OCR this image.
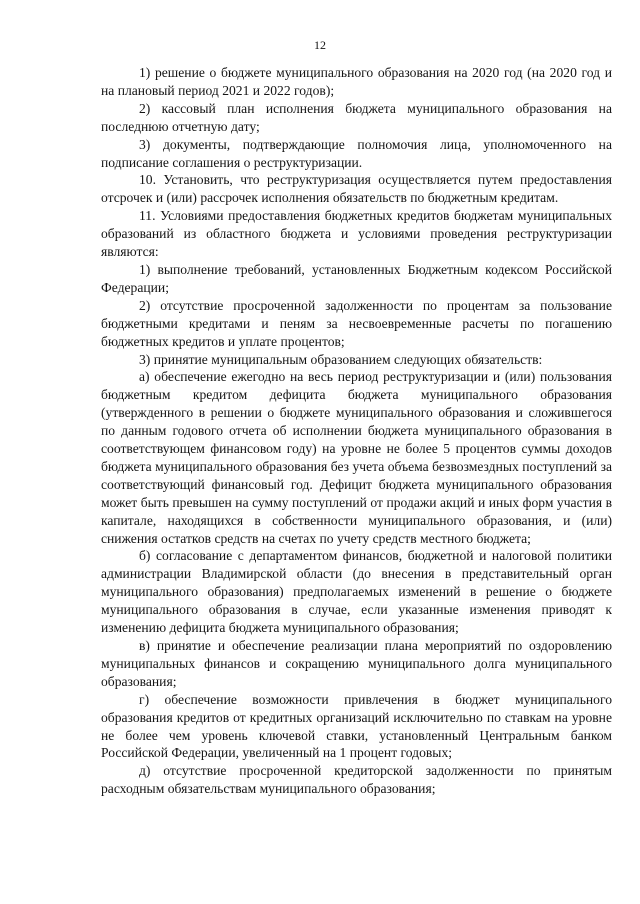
12

1) решение о бюджете муниципального образования на 2020 год (на 2020 год и на плановый период 2021 и 2022 годов);

2) кассовый план исполнения бюджета муниципального образования на последнюю отчетную дату;

3) документы, подтверждающие полномочия лица, уполномоченного на подписание соглашения о реструктуризации.

10. Установить, что реструктуризация осуществляется путем предоставления отсрочек и (или) рассрочек исполнения обязательств по бюджетным кредитам.

11. Условиями предоставления бюджетных кредитов бюджетам муниципальных образований из областного бюджета и условиями проведения реструктуризации являются:

1) выполнение требований, установленных Бюджетным кодексом Российской Федерации;

2) отсутствие просроченной задолженности по процентам за пользование бюджетными кредитами и пеням за несвоевременные расчеты по погашению бюджетных кредитов и уплате процентов;

3) принятие муниципальным образованием следующих обязательств:

а) обеспечение ежегодно на весь период реструктуризации и (или) пользования бюджетным кредитом дефицита бюджета муниципального образования (утвержденного в решении о бюджете муниципального образования и сложившегося по данным годового отчета об исполнении бюджета муниципального образования в соответствующем финансовом году) на уровне не более 5 процентов суммы доходов бюджета муниципального образования без учета объема безвозмездных поступлений за соответствующий финансовый год. Дефицит бюджета муниципального образования может быть превышен на сумму поступлений от продажи акций и иных форм участия в капитале, находящихся в собственности муниципального образования, и (или) снижения остатков средств на счетах по учету средств местного бюджета;

б) согласование с департаментом финансов, бюджетной и налоговой политики администрации Владимирской области (до внесения в представительный орган муниципального образования) предполагаемых изменений в решение о бюджете муниципального образования в случае, если указанные изменения приводят к изменению дефицита бюджета муниципального образования;

в) принятие и обеспечение реализации плана мероприятий по оздоровлению муниципальных финансов и сокращению муниципального долга муниципального образования;

г) обеспечение возможности привлечения в бюджет муниципального образования кредитов от кредитных организаций исключительно по ставкам на уровне не более чем уровень ключевой ставки, установленный Центральным банком Российской Федерации, увеличенный на 1 процент годовых;

д) отсутствие просроченной кредиторской задолженности по принятым расходным обязательствам муниципального образования;
